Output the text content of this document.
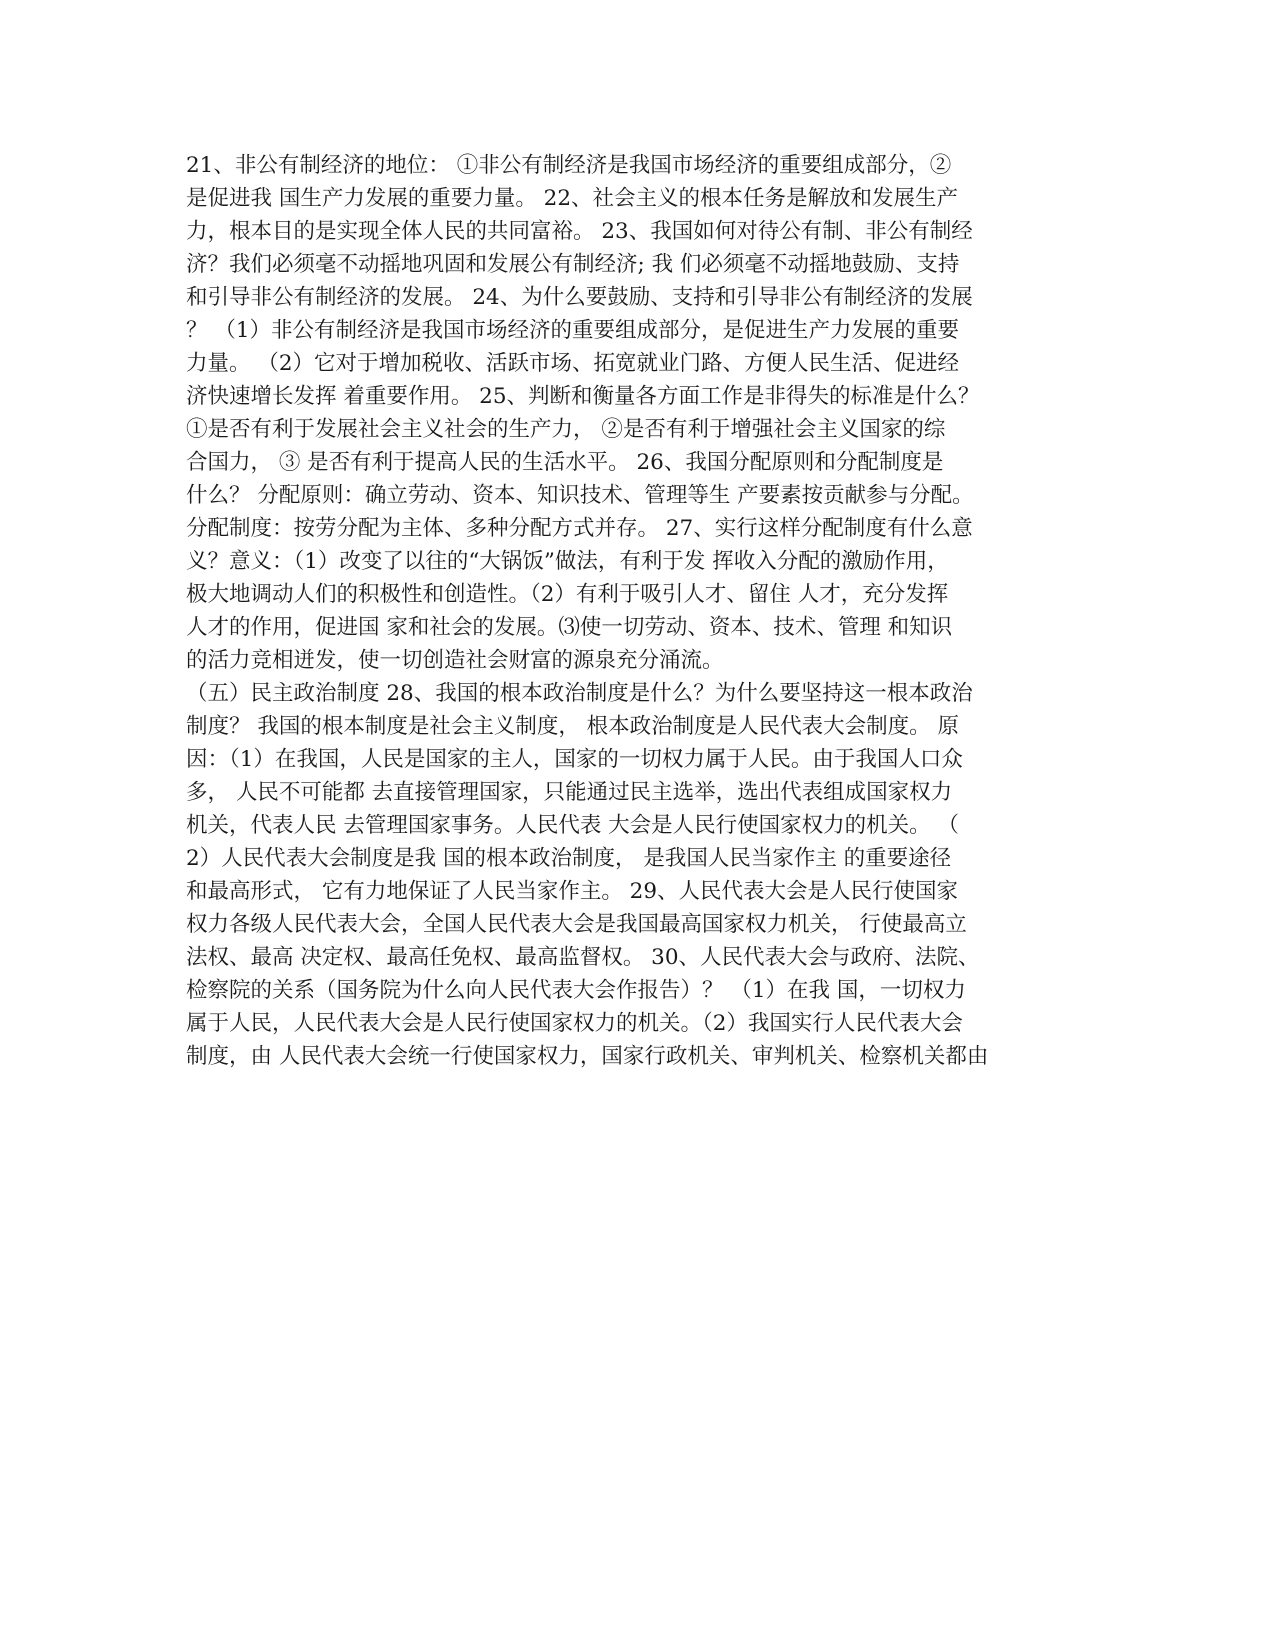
21、非公有制经济的地位： ①非公有制经济是我国市场经济的重要组成部分，②
是促进我 国生产力发展的重要力量。 22、社会主义的根本任务是解放和发展生产
力，根本目的是实现全体人民的共同富裕。 23、我国如何对待公有制、非公有制经
济？我们必须毫不动摇地巩固和发展公有制经济; 我 们必须毫不动摇地鼓励、支持
和引导非公有制经济的发展。 24、为什么要鼓励、支持和引导非公有制经济的发展
？ （1）非公有制经济是我国市场经济的重要组成部分，是促进生产力发展的重要
力量。 （2）它对于增加税收、活跃市场、拓宽就业门路、方便人民生活、促进经
济快速增长发挥 着重要作用。 25、判断和衡量各方面工作是非得失的标准是什么？
①是否有利于发展社会主义社会的生产力， ②是否有利于增强社会主义国家的综
合国力， ③ 是否有利于提高人民的生活水平。 26、我国分配原则和分配制度是
什么？ 分配原则：确立劳动、资本、知识技术、管理等生 产要素按贡献参与分配。
分配制度：按劳分配为主体、多种分配方式并存。 27、实行这样分配制度有什么意
义？意义：（1）改变了以往的“大锅饭”做法，有利于发 挥收入分配的激励作用，
极大地调动人们的积极性和创造性。（2）有利于吸引人才、留住 人才，充分发挥
人才的作用，促进国 家和社会的发展。⑶使一切劳动、资本、技术、管理 和知识
的活力竞相迸发，使一切创造社会财富的源泉充分涌流。
（五）民主政治制度 28、我国的根本政治制度是什么？为什么要坚持这一根本政治
制度？ 我国的根本制度是社会主义制度， 根本政治制度是人民代表大会制度。 原
因：（1）在我国，人民是国家的主人，国家的一切权力属于人民。由于我国人口众
多， 人民不可能都 去直接管理国家，只能通过民主选举，选出代表组成国家权力
机关，代表人民 去管理国家事务。人民代表 大会是人民行使国家权力的机关。 （
2）人民代表大会制度是我 国的根本政治制度， 是我国人民当家作主 的重要途径
和最高形式， 它有力地保证了人民当家作主。 29、人民代表大会是人民行使国家
权力各级人民代表大会，全国人民代表大会是我国最高国家权力机关， 行使最高立
法权、最高 决定权、最高任免权、最高监督权。 30、人民代表大会与政府、法院、
检察院的关系（国务院为什么向人民代表大会作报告）？ （1）在我 国，一切权力
属于人民，人民代表大会是人民行使国家权力的机关。（2）我国实行人民代表大会
制度，由 人民代表大会统一行使国家权力，国家行政机关、审判机关、检察机关都由
